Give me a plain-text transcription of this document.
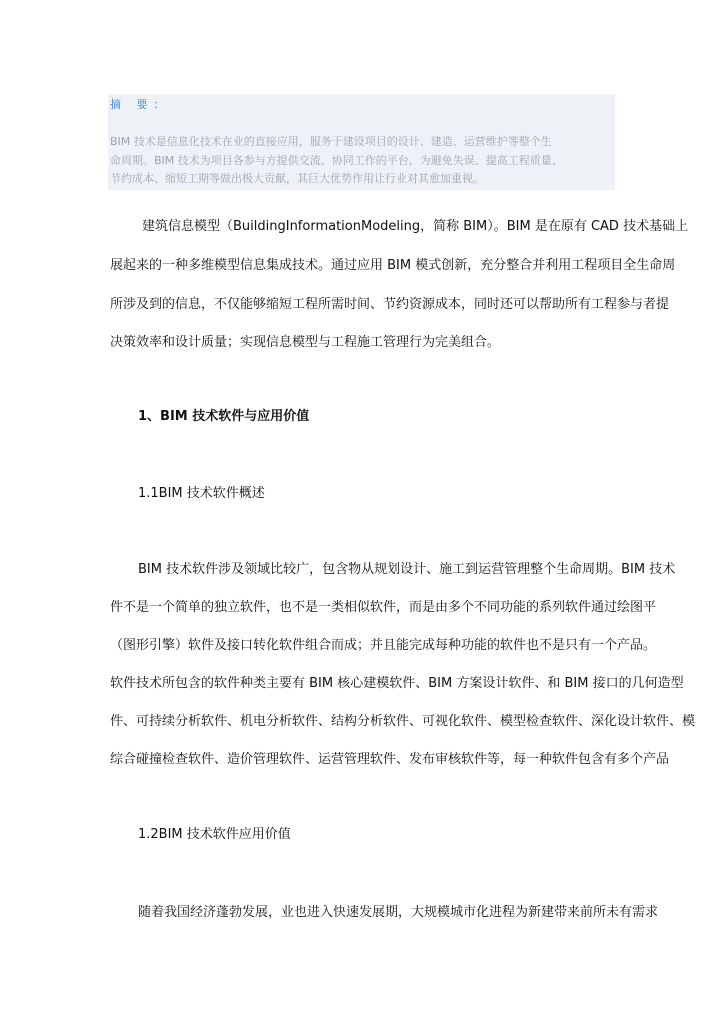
摘 要：
BIM 技术是信息化技术在业的直接应用，服务于建设项目的设计、建造、运营维护等整个生
命周期。BIM 技术为项目各参与方提供交流、协同工作的平台，为避免失误、提高工程质量、
节约成本、缩短工期等做出极大贡献，其巨大优势作用让行业对其愈加重视。
建筑信息模型（BuildingInformationModeling，简称 BIM）。BIM 是在原有 CAD 技术基础上
展起来的一种多维模型信息集成技术。通过应用 BIM 模式创新，充分整合并利用工程项目全生命周
所涉及到的信息，不仅能够缩短工程所需时间、节约资源成本，同时还可以帮助所有工程参与者提
决策效率和设计质量；实现信息模型与工程施工管理行为完美组合。
1、BIM 技术软件与应用价值
1.1BIM 技术软件概述
BIM 技术软件涉及领域比较广，包含物从规划设计、施工到运营管理整个生命周期。BIM 技术
件不是一个简单的独立软件，也不是一类相似软件，而是由多个不同功能的系列软件通过绘图平
（图形引擎）软件及接口转化软件组合而成；并且能完成每种功能的软件也不是只有一个产品。
软件技术所包含的软件种类主要有 BIM 核心建模软件、BIM 方案设计软件、和 BIM 接口的几何造型
件、可持续分析软件、机电分析软件、结构分析软件、可视化软件、模型检查软件、深化设计软件、模
综合碰撞检查软件、造价管理软件、运营管理软件、发布审核软件等，每一种软件包含有多个产品
1.2BIM 技术软件应用价值
随着我国经济蓬勃发展，业也进入快速发展期，大规模城市化进程为新建带来前所未有需求
